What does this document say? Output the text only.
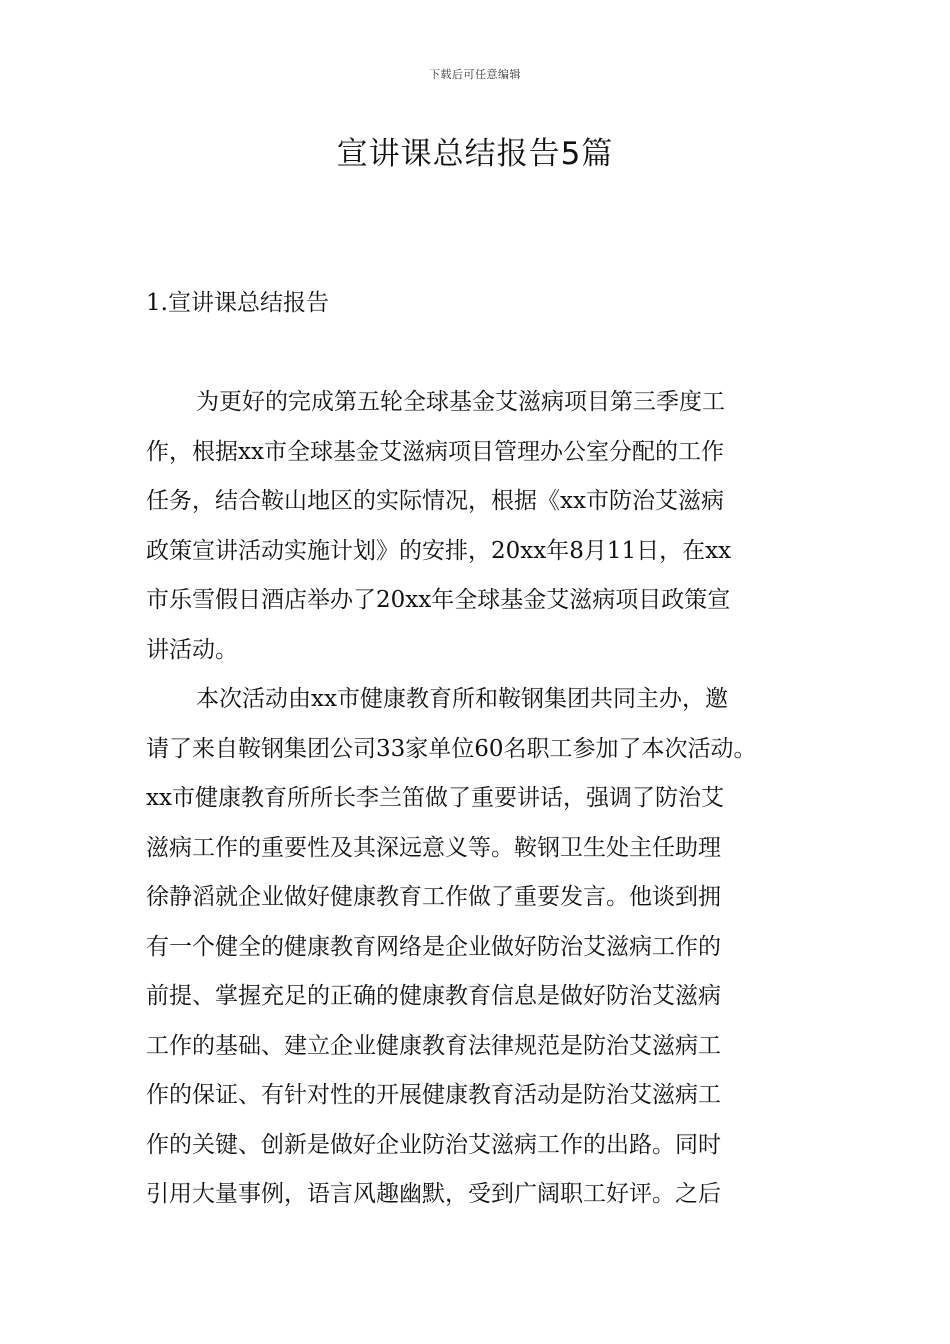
下载后可任意编辑
宣讲课总结报告5篇
1.宣讲课总结报告
为更好的完成第五轮全球基金艾滋病项目第三季度工
作，根据xx市全球基金艾滋病项目管理办公室分配的工作
任务，结合鞍山地区的实际情况，根据《xx市防治艾滋病
政策宣讲活动实施计划》的安排，20xx年8月11日，在xx
市乐雪假日酒店举办了20xx年全球基金艾滋病项目政策宣
讲活动。
本次活动由xx市健康教育所和鞍钢集团共同主办，邀
请了来自鞍钢集团公司33家单位60名职工参加了本次活动。
xx市健康教育所所长李兰笛做了重要讲话，强调了防治艾
滋病工作的重要性及其深远意义等。鞍钢卫生处主任助理
徐静滔就企业做好健康教育工作做了重要发言。他谈到拥
有一个健全的健康教育网络是企业做好防治艾滋病工作的
前提、掌握充足的正确的健康教育信息是做好防治艾滋病
工作的基础、建立企业健康教育法律规范是防治艾滋病工
作的保证、有针对性的开展健康教育活动是防治艾滋病工
作的关键、创新是做好企业防治艾滋病工作的出路。同时
引用大量事例，语言风趣幽默，受到广阔职工好评。之后
